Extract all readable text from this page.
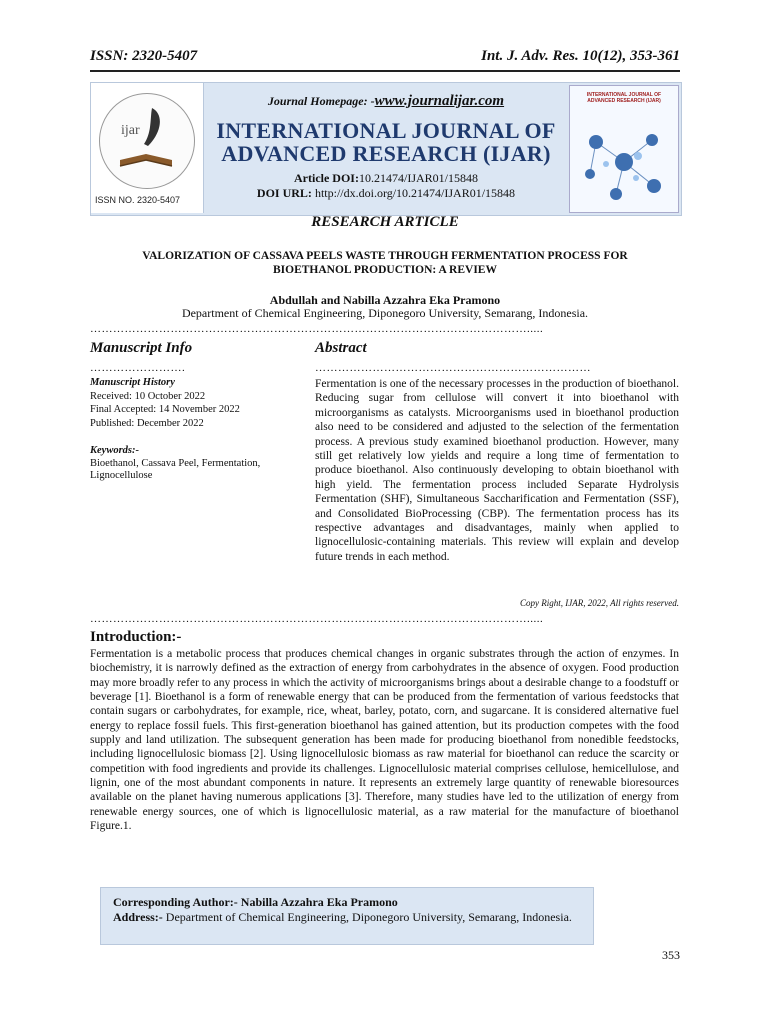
ISSN: 2320-5407	Int. J. Adv. Res. 10(12), 353-361
ijar
ISSN NO. 2320-5407
Journal Homepage: -www.journalijar.com
INTERNATIONAL JOURNAL OF
ADVANCED RESEARCH (IJAR)
Article DOI:10.21474/IJAR01/15848
DOI URL: http://dx.doi.org/10.21474/IJAR01/15848
INTERNATIONAL JOURNAL OF ADVANCED RESEARCH (IJAR)
RESEARCH ARTICLE
VALORIZATION OF CASSAVA PEELS WASTE THROUGH FERMENTATION PROCESS FOR
BIOETHANOL PRODUCTION: A REVIEW
Abdullah and Nabilla Azzahra Eka Pramono
Department of Chemical Engineering, Diponegoro University, Semarang, Indonesia.
…………………………………………………………………………………………………….....
Manuscript Info	Abstract
…………………….	………………………………………………………………
Manuscript History
Received: 10 October 2022
Final Accepted: 14 November 2022
Published: December 2022
Keywords:-
Bioethanol, Cassava Peel, Fermentation, Lignocellulose
Fermentation is one of the necessary processes in the production of bioethanol. Reducing sugar from cellulose will convert it into bioethanol with microorganisms as catalysts. Microorganisms used in bioethanol production also need to be considered and adjusted to the selection of the fermentation process. A previous study examined bioethanol production. However, many still get relatively low yields and require a long time of fermentation to produce bioethanol. Also continuously developing to obtain bioethanol with high yield. The fermentation process included Separate Hydrolysis Fermentation (SHF), Simultaneous Saccharification and Fermentation (SSF), and Consolidated BioProcessing (CBP). The fermentation process has its respective advantages and disadvantages, mainly when applied to lignocellulosic-containing materials. This review will explain and develop future trends in each method.
Copy Right, IJAR, 2022, All rights reserved.
…………………………………………………………………………………………………….....
Introduction:-
Fermentation is a metabolic process that produces chemical changes in organic substrates through the action of enzymes. In biochemistry, it is narrowly defined as the extraction of energy from carbohydrates in the absence of oxygen. Food production may more broadly refer to any process in which the activity of microorganisms brings about a desirable change to a foodstuff or beverage [1]. Bioethanol is a form of renewable energy that can be produced from the fermentation of various feedstocks that contain sugars or carbohydrates, for example, rice, wheat, barley, potato, corn, and sugarcane. It is considered alternative fuel energy to replace fossil fuels. This first-generation bioethanol has gained attention, but its production competes with the food supply and land utilization. The subsequent generation has been made for producing bioethanol from nonedible feedstocks, including lignocellulosic biomass [2]. Using lignocellulosic biomass as raw material for bioethanol can reduce the scarcity or competition with food ingredients and provide its challenges. Lignocellulosic material comprises cellulose, hemicellulose, and lignin, one of the most abundant components in nature. It represents an extremely large quantity of renewable bioresources available on the planet having numerous applications [3]. Therefore, many studies have led to the utilization of energy from renewable energy sources, one of which is lignocellulosic material, as a raw material for the manufacture of bioethanol Figure.1.
Corresponding Author:- Nabilla Azzahra Eka Pramono
Address:- Department of Chemical Engineering, Diponegoro University, Semarang, Indonesia.
353
